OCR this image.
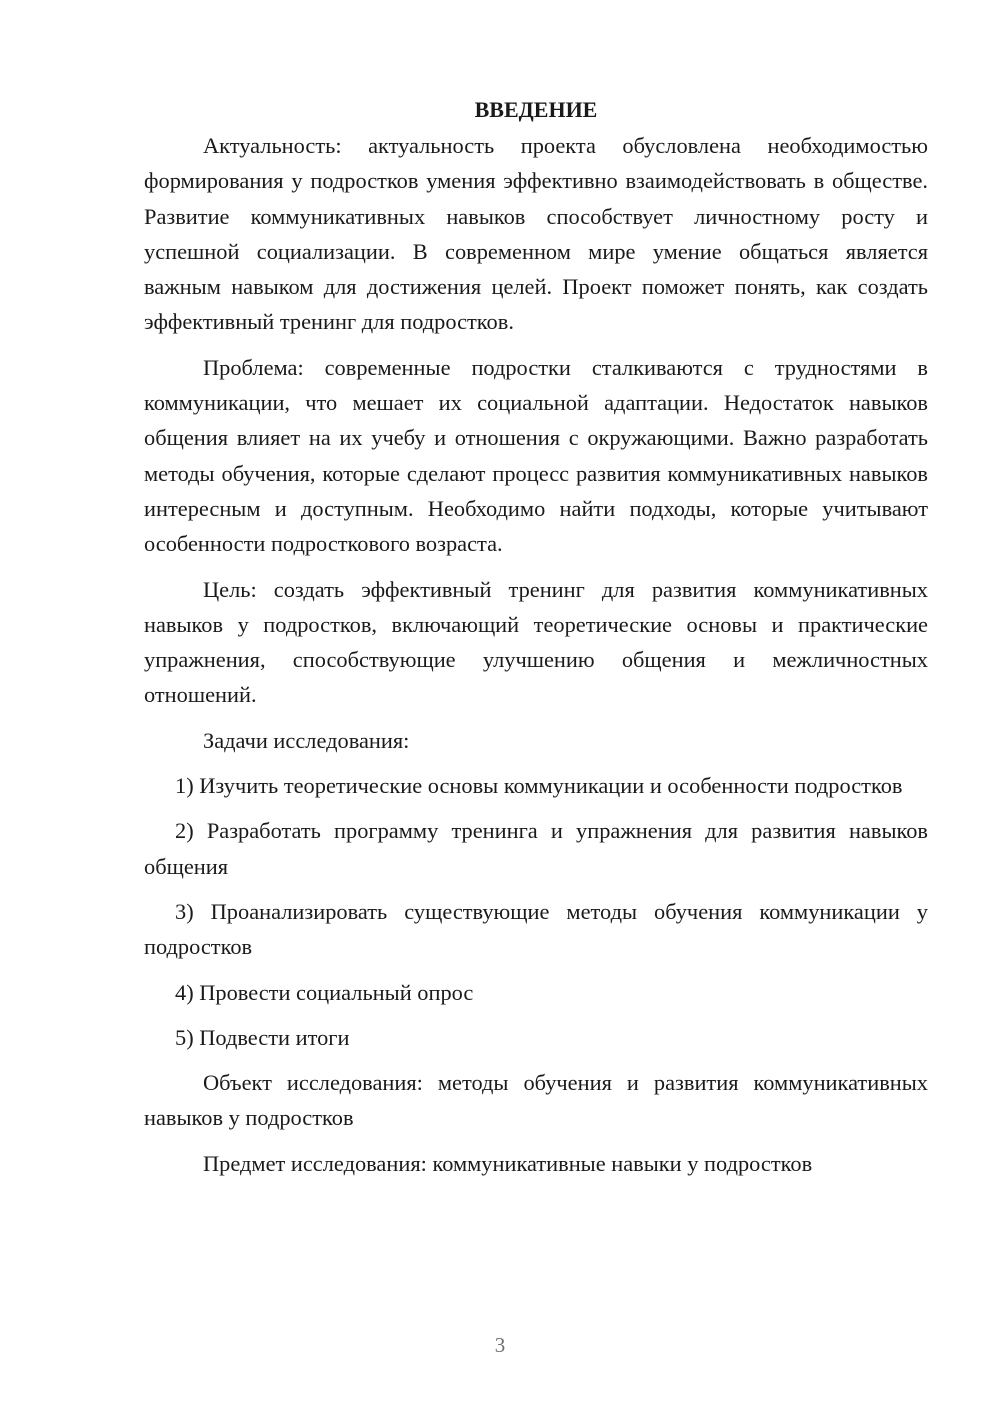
ВВЕДЕНИЕ

Актуальность: актуальность проекта обусловлена необходимостью формирования у подростков умения эффективно взаимодействовать в обществе. Развитие коммуникативных навыков способствует личностному росту и успешной социализации. В современном мире умение общаться является важным навыком для достижения целей. Проект поможет понять, как создать эффективный тренинг для подростков.

Проблема: современные подростки сталкиваются с трудностями в коммуникации, что мешает их социальной адаптации. Недостаток навыков общения влияет на их учебу и отношения с окружающими. Важно разработать методы обучения, которые сделают процесс развития коммуникативных навыков интересным и доступным. Необходимо найти подходы, которые учитывают особенности подросткового возраста.

Цель: создать эффективный тренинг для развития коммуникативных навыков у подростков, включающий теоретические основы и практические упражнения, способствующие улучшению общения и межличностных отношений.

Задачи исследования:

1) Изучить теоретические основы коммуникации и особенности подростков

2) Разработать программу тренинга и упражнения для развития навыков общения

3) Проанализировать существующие методы обучения коммуникации у подростков

4) Провести социальный опрос

5) Подвести итоги

Объект исследования: методы обучения и развития коммуникативных навыков у подростков

Предмет исследования: коммуникативные навыки у подростков

3
